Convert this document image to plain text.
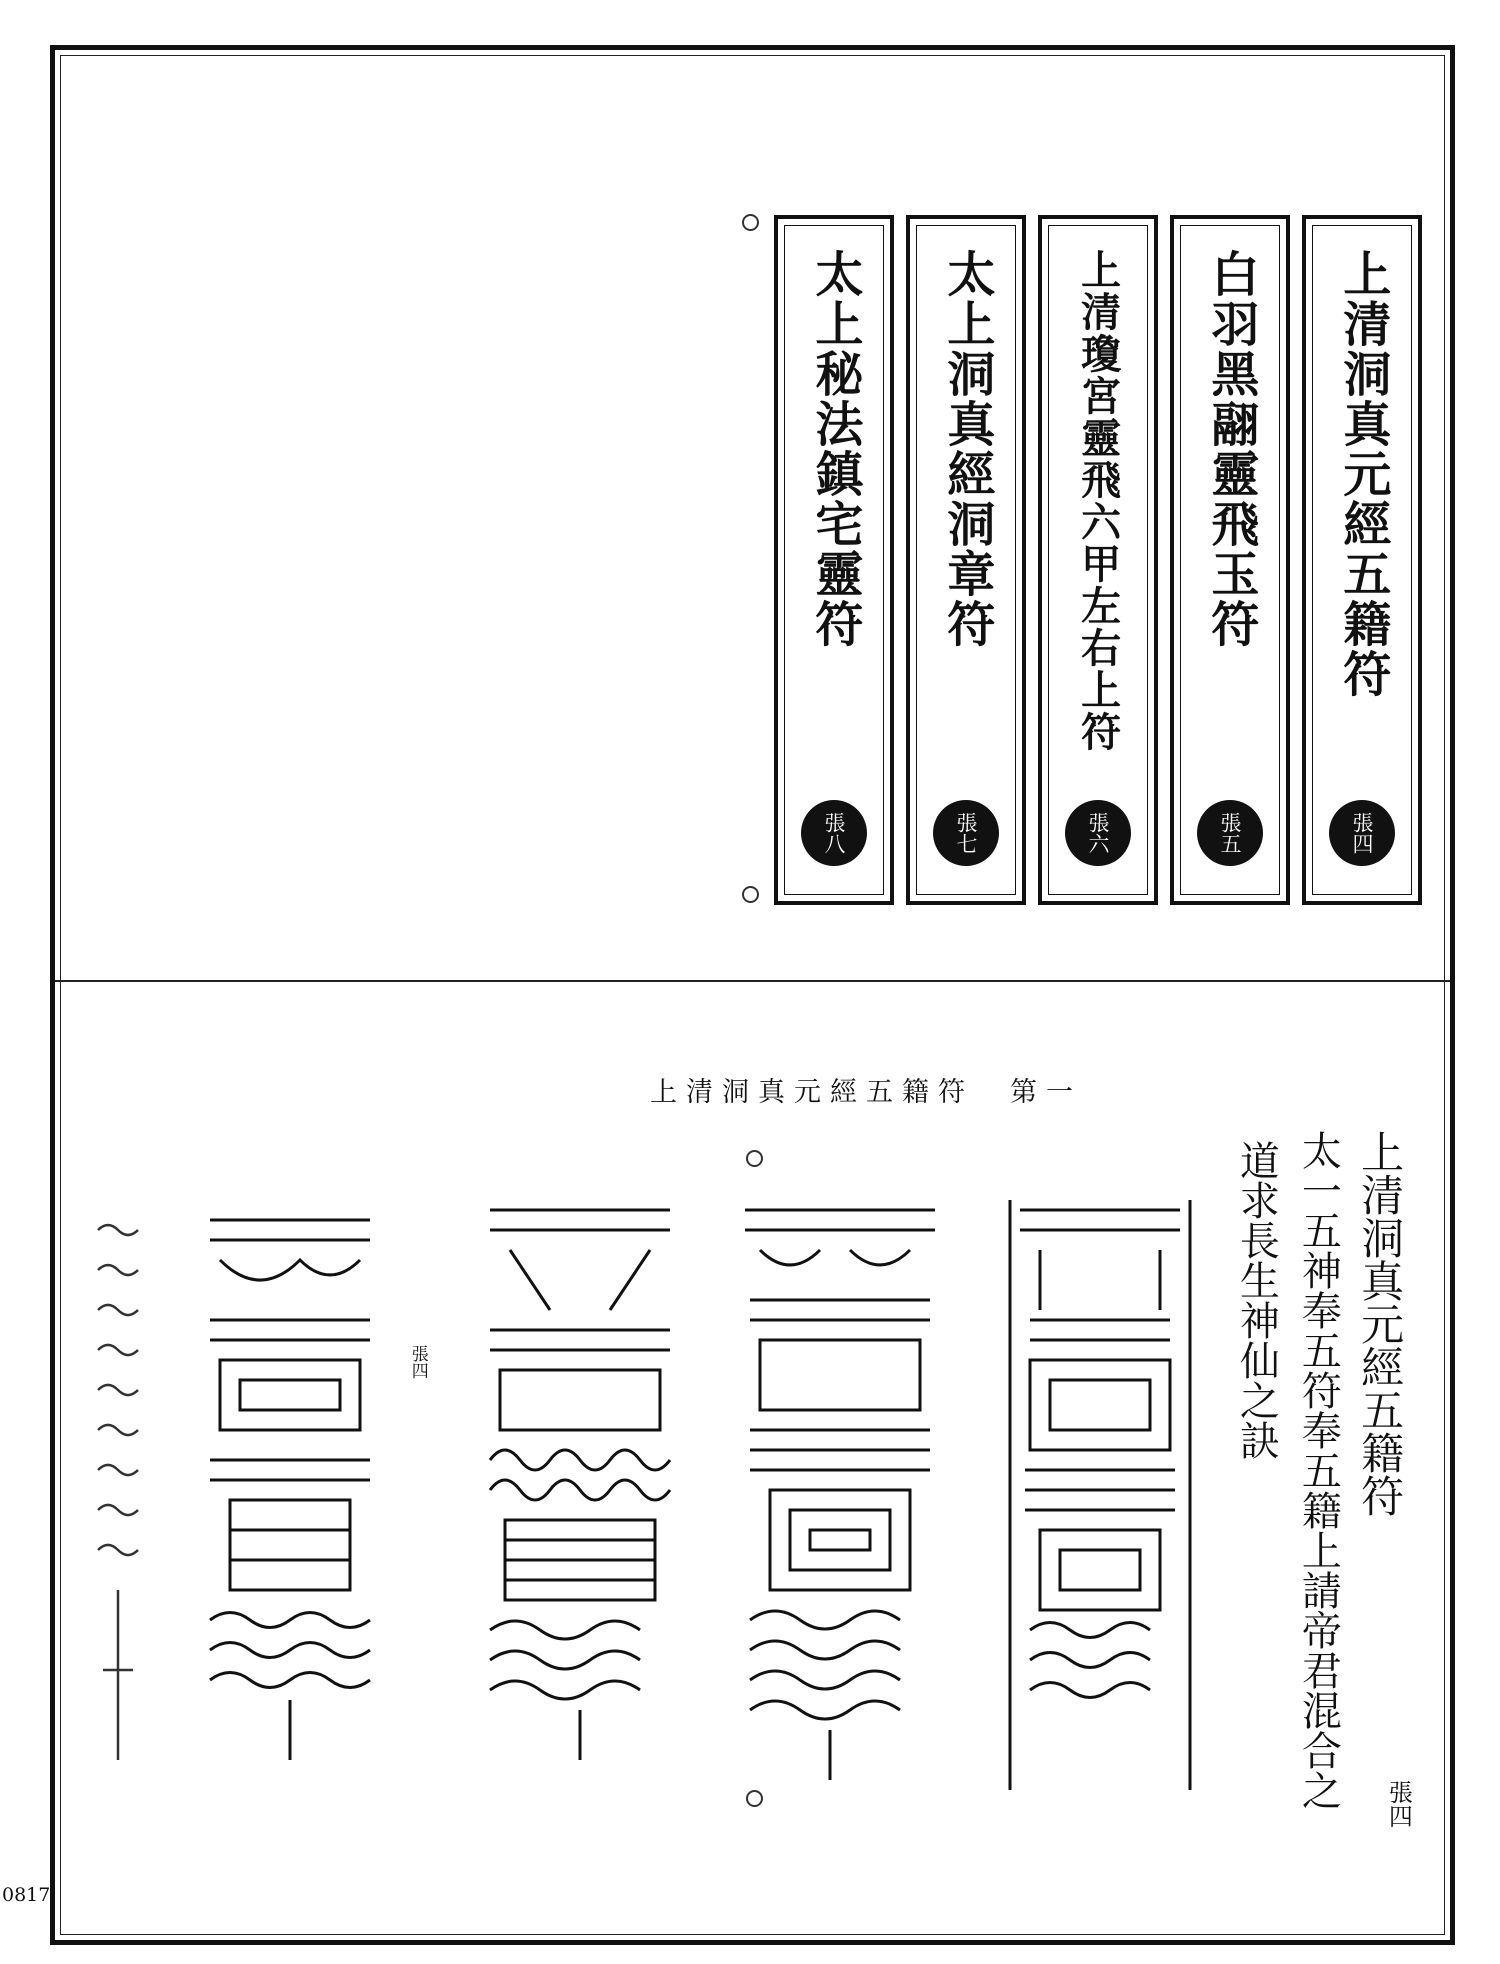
上清洞真元經五籍符
張四
白羽黑翮靈飛玉符
張五
上清瓊宮靈飛六甲左右上符
張六
太上洞真經洞章符
張七
太上秘法鎮宅靈符
張八
上清洞真元經五籍符　第一
上清洞真元經五籍符
太一五神奉五符奉五籍上請帝君混合之
道求長生神仙之訣
張四
張四
0817
